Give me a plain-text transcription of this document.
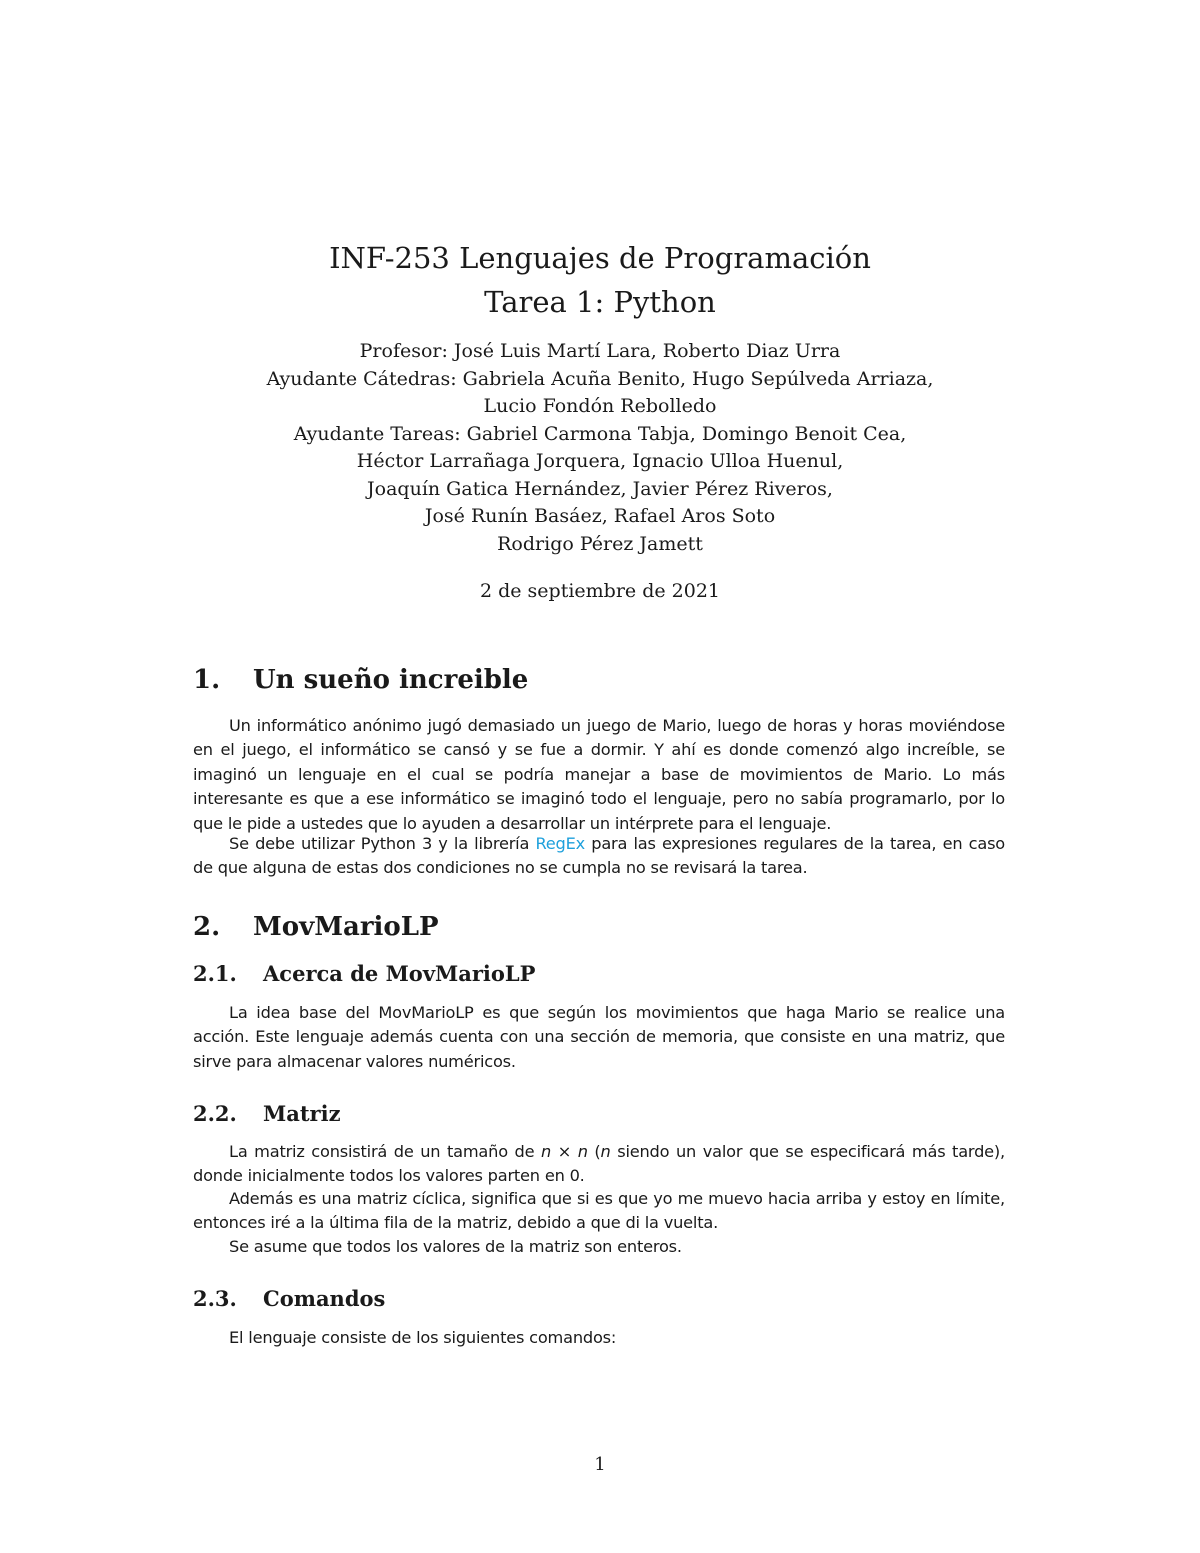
INF-253 Lenguajes de Programación
Tarea 1: Python
Profesor: José Luis Martí Lara, Roberto Diaz Urra
Ayudante Cátedras: Gabriela Acuña Benito, Hugo Sepúlveda Arriaza,
Lucio Fondón Rebolledo
Ayudante Tareas: Gabriel Carmona Tabja, Domingo Benoit Cea,
Héctor Larrañaga Jorquera, Ignacio Ulloa Huenul,
Joaquín Gatica Hernández, Javier Pérez Riveros,
José Runín Basáez, Rafael Aros Soto
Rodrigo Pérez Jamett
2 de septiembre de 2021
1. Un sueño increible

Un informático anónimo jugó demasiado un juego de Mario, luego de horas y horas moviéndose en el juego, el informático se cansó y se fue a dormir. Y ahí es donde comenzó algo increíble, se imaginó un lenguaje en el cual se podría manejar a base de movimientos de Mario. Lo más interesante es que a ese informático se imaginó todo el lenguaje, pero no sabía programarlo, por lo que le pide a ustedes que lo ayuden a desarrollar un intérprete para el lenguaje.

Se debe utilizar Python 3 y la librería RegEx para las expresiones regulares de la tarea, en caso de que alguna de estas dos condiciones no se cumpla no se revisará la tarea.

2. MovMarioLP
2.1. Acerca de MovMarioLP

La idea base del MovMarioLP es que según los movimientos que haga Mario se realice una acción. Este lenguaje además cuenta con una sección de memoria, que consiste en una matriz, que sirve para almacenar valores numéricos.

2.2. Matriz

La matriz consistirá de un tamaño de n × n (n siendo un valor que se especificará más tarde), donde inicialmente todos los valores parten en 0.

Además es una matriz cíclica, significa que si es que yo me muevo hacia arriba y estoy en límite, entonces iré a la última fila de la matriz, debido a que di la vuelta.

Se asume que todos los valores de la matriz son enteros.

2.3. Comandos

El lenguaje consiste de los siguientes comandos:

1
